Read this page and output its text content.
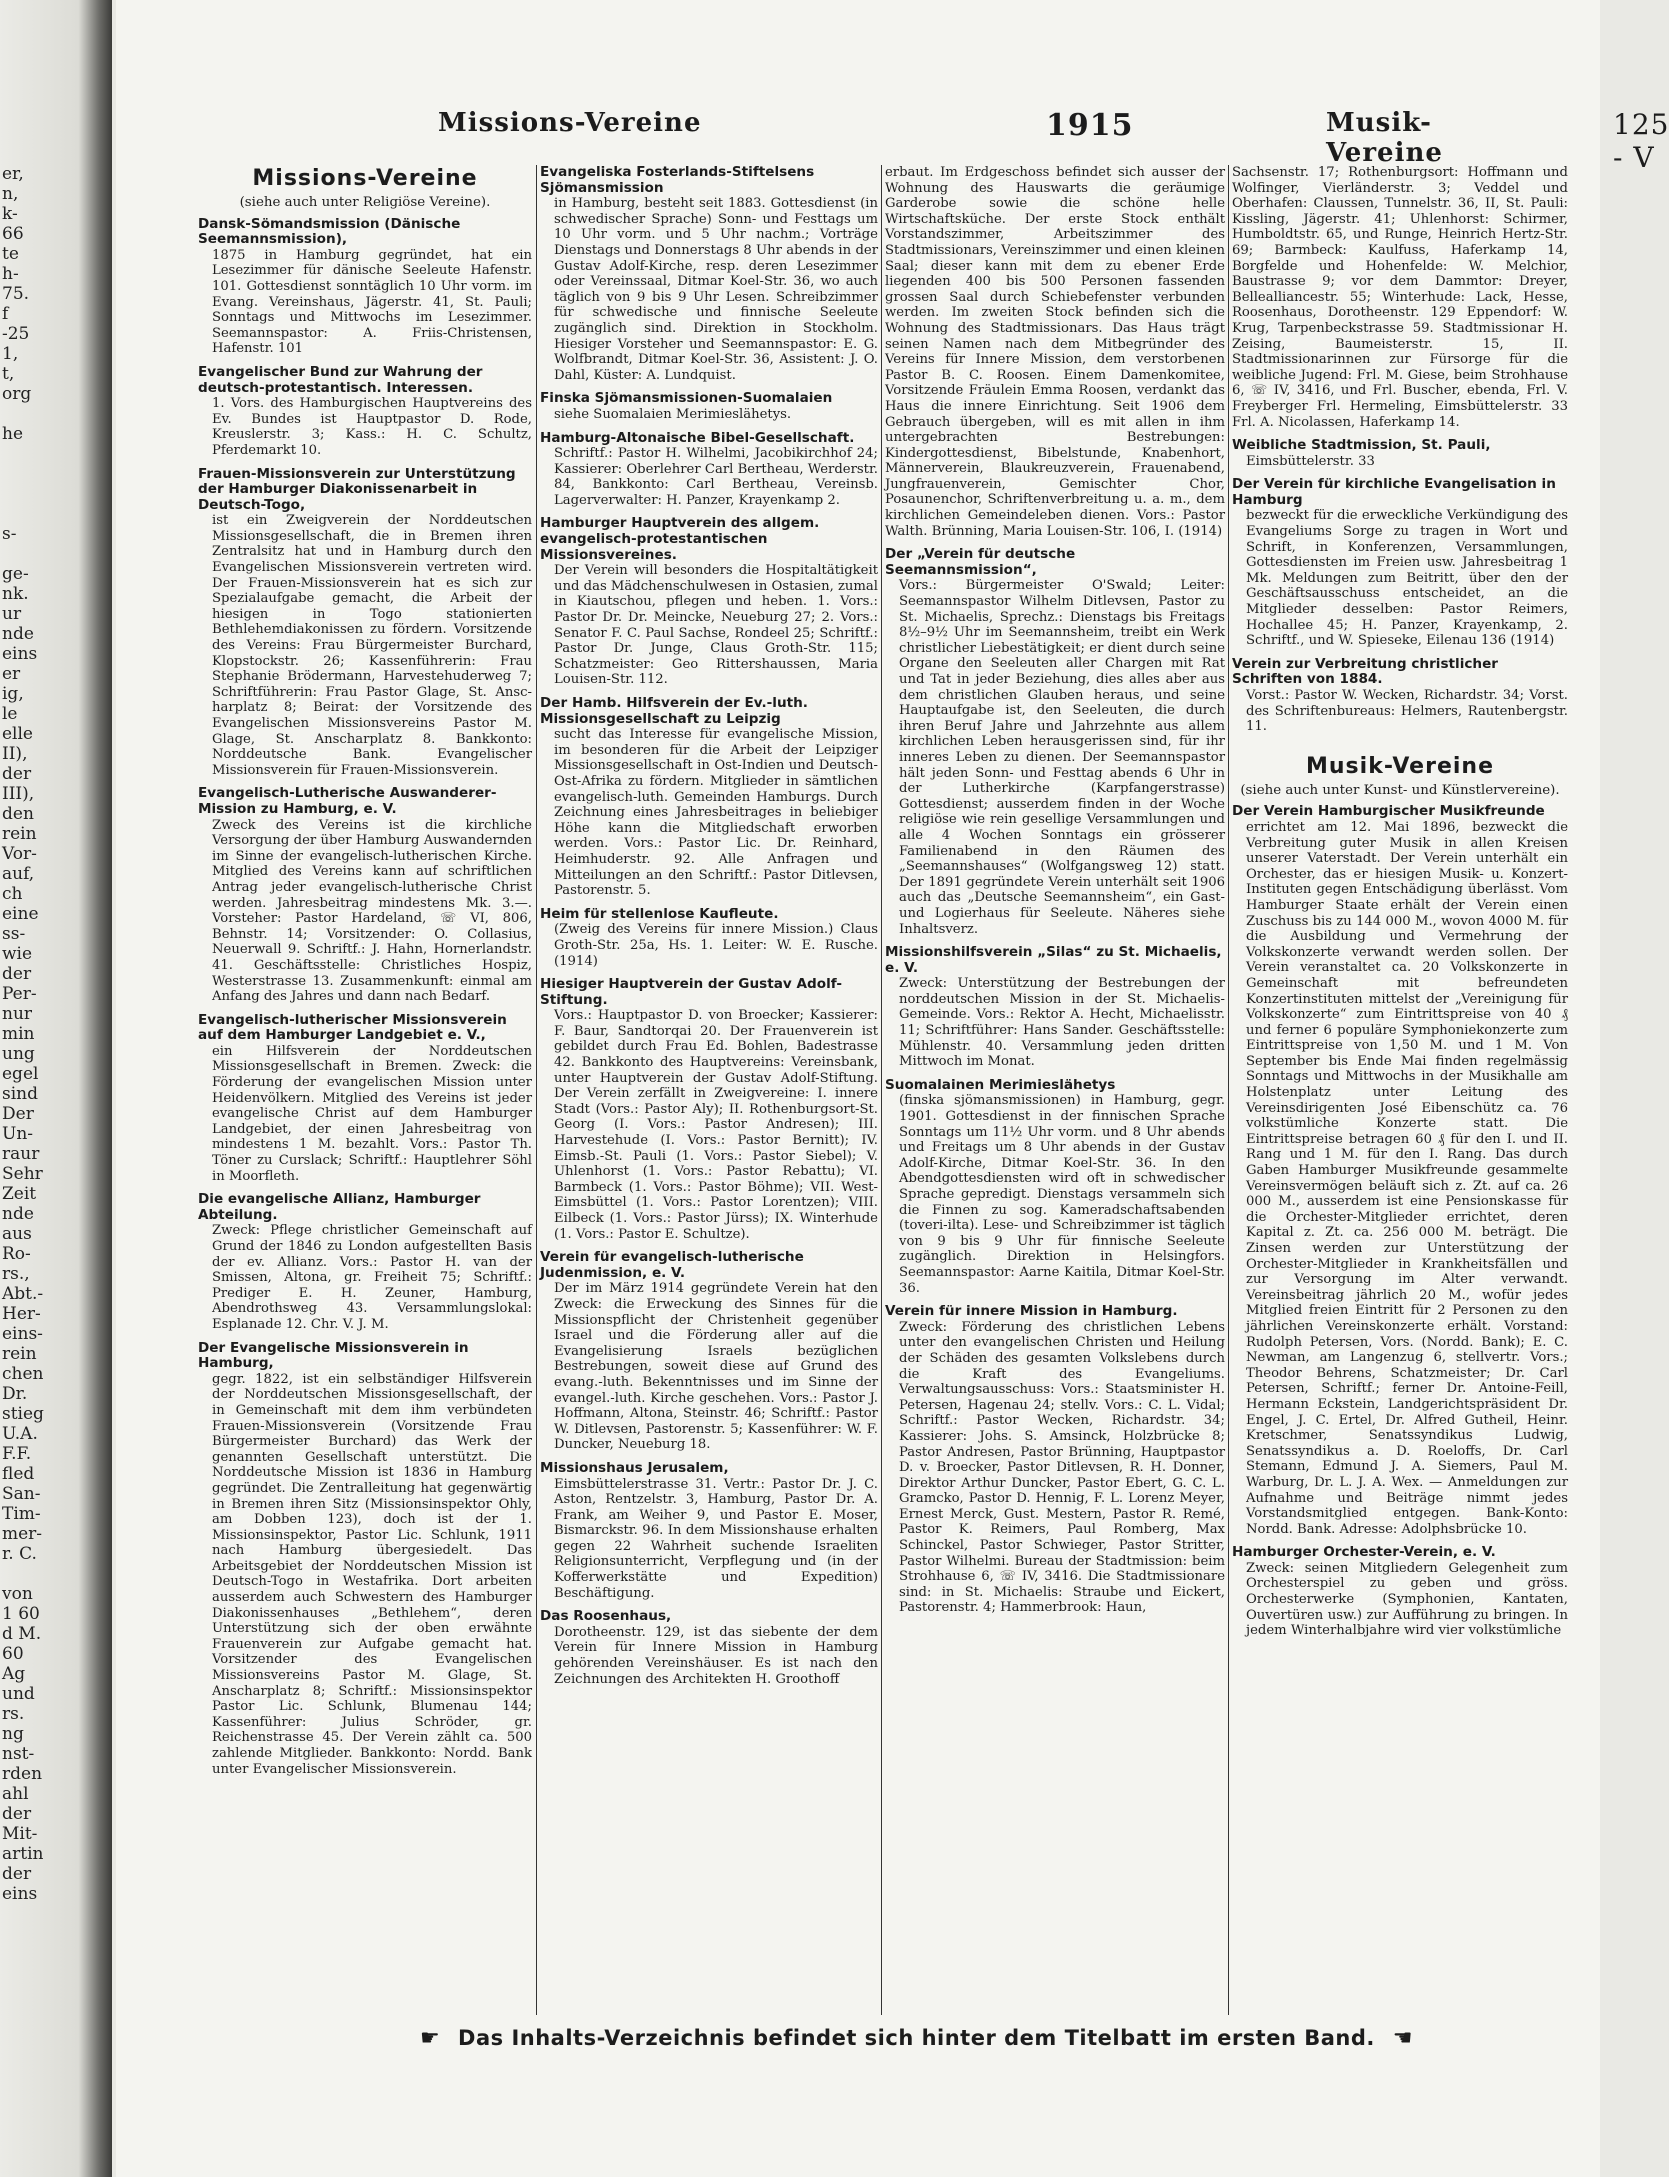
er,
n,
k-
66
te
h-
75.
f
-25
1,
t,
org
he
s-
ge-
nk.
ur
nde
eins
er
ig,
le
elle
II),
der
III),
den
rein
Vor-
auf,
ch
eine
ss-
wie
der
Per-
nur
min
ung
egel
sind
Der
Un-
raur
Sehr
Zeit
nde
aus
Ro-
rs.,
Abt.-
Her-
eins-
rein
chen
Dr.
stieg
U.A.
F.F.
fled
San-
Tim-
mer-
r. C.
von
1 60
d M.
60
Ag
und
rs.
ng
nst-
rden
ahl
der
Mit-
artin
der
eins
Missions-Vereine	1915	Musik-Vereine
125 - V
Missions-Vereine
(siehe auch unter Religiöse Vereine).
Dansk-Sömandsmission (Dänische Seemannsmission),
1875 in Hamburg gegründet, hat ein Lesezimmer für dänische Seeleute Hafenstr. 101. Gottesdienst sonntäglich 10 Uhr vorm. im Evang. Vereinshaus, Jägerstr. 41, St. Pauli; Sonntags und Mittwochs im Lesezimmer. Seemannspastor: A. Friis-Christensen, Hafenstr. 101
Evangelischer Bund zur Wahrung der deutsch-protestantisch. Interessen.
1. Vors. des Hamburgischen Hauptvereins des Ev. Bundes ist Hauptpastor D. Rode, Kreuslerstr. 3; Kass.: H. C. Schultz, Pferdemarkt 10.
Frauen-Missionsverein zur Unterstützung der Hamburger Diakonissenarbeit in Deutsch-Togo,
ist ein Zweigverein der Norddeutschen Missionsgesellschaft, die in Bremen ihren Zentralsitz hat und in Hamburg durch den Evangelischen Missionsverein vertreten wird. Der Frauen-Missionsverein hat es sich zur Spezialaufgabe gemacht, die Arbeit der hiesigen in Togo stationierten Bethlehemdiakonissen zu fördern. Vorsitzende des Vereins: Frau Bürgermeister Burchard, Klopstockstr. 26; Kassenführerin: Frau Stephanie Brödermann, Harvestehuderweg 7; Schriftführerin: Frau Pastor Glage, St. Anscharplatz 8; Beirat: der Vorsitzende des Evangelischen Missionsvereins Pastor M. Glage, St. Anscharplatz 8. Bankkonto: Norddeutsche Bank. Evangelischer Missionsverein für Frauen-Missionsverein.
Evangelisch-Lutherische Auswanderer-Mission zu Hamburg, e. V.
Zweck des Vereins ist die kirchliche Versorgung der über Hamburg Auswandernden im Sinne der evangelisch-lutherischen Kirche. Mitglied des Vereins kann auf schriftlichen Antrag jeder evangelisch-lutherische Christ werden. Jahresbeitrag mindestens Mk. 3.—. Vorsteher: Pastor Hardeland, ☏ VI, 806, Behnstr. 14; Vorsitzender: O. Collasius, Neuerwall 9. Schriftf.: J. Hahn, Hornerlandstr. 41. Geschäftsstelle: Christliches Hospiz, Westerstrasse 13. Zusammenkunft: einmal am Anfang des Jahres und dann nach Bedarf.
Evangelisch-lutherischer Missionsverein auf dem Hamburger Landgebiet e. V.,
ein Hilfsverein der Norddeutschen Missionsgesellschaft in Bremen. Zweck: die Förderung der evangelischen Mission unter Heidenvölkern. Mitglied des Vereins ist jeder evangelische Christ auf dem Hamburger Landgebiet, der einen Jahresbeitrag von mindestens 1 M. bezahlt. Vors.: Pastor Th. Töner zu Curslack; Schriftf.: Hauptlehrer Söhl in Moorfleth.
Die evangelische Allianz, Hamburger Abteilung.
Zweck: Pflege christlicher Gemeinschaft auf Grund der 1846 zu London aufgestellten Basis der ev. Allianz. Vors.: Pastor H. van der Smissen, Altona, gr. Freiheit 75; Schriftf.: Prediger E. H. Zeuner, Hamburg, Abendrothsweg 43. Versammlungslokal: Esplanade 12. Chr. V. J. M.
Der Evangelische Missionsverein in Hamburg,
gegr. 1822, ist ein selbständiger Hilfsverein der Norddeutschen Missionsgesellschaft, der in Gemeinschaft mit dem ihm verbündeten Frauen-Missionsverein (Vorsitzende Frau Bürgermeister Burchard) das Werk der genannten Gesellschaft unterstützt. Die Norddeutsche Mission ist 1836 in Hamburg gegründet. Die Zentralleitung hat gegenwärtig in Bremen ihren Sitz (Missionsinspektor Ohly, am Dobben 123), doch ist der 1. Missionsinspektor, Pastor Lic. Schlunk, 1911 nach Hamburg übergesiedelt. Das Arbeitsgebiet der Norddeutschen Mission ist Deutsch-Togo in Westafrika. Dort arbeiten ausserdem auch Schwestern des Hamburger Diakonissenhauses „Bethlehem“, deren Unterstützung sich der oben erwähnte Frauenverein zur Aufgabe gemacht hat. Vorsitzender des Evangelischen Missionsvereins Pastor M. Glage, St. Anscharplatz 8; Schriftf.: Missionsinspektor Pastor Lic. Schlunk, Blumenau 144; Kassenführer: Julius Schröder, gr. Reichenstrasse 45. Der Verein zählt ca. 500 zahlende Mitglieder. Bankkonto: Nordd. Bank unter Evangelischer Missionsverein.
Evangeliska Fosterlands-Stiftelsens Sjömansmission
in Hamburg, besteht seit 1883. Gottesdienst (in schwedischer Sprache) Sonn- und Festtags um 10 Uhr vorm. und 5 Uhr nachm.; Vorträge Dienstags und Donnerstags 8 Uhr abends in der Gustav Adolf-Kirche, resp. deren Lesezimmer oder Vereinssaal, Ditmar Koel-Str. 36, wo auch täglich von 9 bis 9 Uhr Lesen. Schreibzimmer für schwedische und finnische Seeleute zugänglich sind. Direktion in Stockholm. Hiesiger Vorsteher und Seemannspastor: E. G. Wolfbrandt, Ditmar Koel-Str. 36, Assistent: J. O. Dahl, Küster: A. Lundquist.
Finska Sjömansmissionen-Suomalaien
siehe Suomalaien Merimieslähetys.
Hamburg-Altonaische Bibel-Gesellschaft.
Schriftf.: Pastor H. Wilhelmi, Jacobikirchhof 24; Kassierer: Oberlehrer Carl Bertheau, Werderstr. 84, Bankkonto: Carl Bertheau, Vereinsb. Lagerverwalter: H. Panzer, Krayenkamp 2.
Hamburger Hauptverein des allgem. evangelisch-protestantischen Missionsvereines.
Der Verein will besonders die Hospitaltätigkeit und das Mädchenschulwesen in Ostasien, zumal in Kiautschou, pflegen und heben. 1. Vors.: Pastor Dr. Dr. Meincke, Neueburg 27; 2. Vors.: Senator F. C. Paul Sachse, Rondeel 25; Schriftf.: Pastor Dr. Junge, Claus Groth-Str. 115; Schatzmeister: Geo Rittershaussen, Maria Louisen-Str. 112.
Der Hamb. Hilfsverein der Ev.-luth. Missionsgesellschaft zu Leipzig
sucht das Interesse für evangelische Mission, im besonderen für die Arbeit der Leipziger Missionsgesellschaft in Ost-Indien und Deutsch-Ost-Afrika zu fördern. Mitglieder in sämtlichen evangelisch-luth. Gemeinden Hamburgs. Durch Zeichnung eines Jahresbeitrages in beliebiger Höhe kann die Mitgliedschaft erworben werden. Vors.: Pastor Lic. Dr. Reinhard, Heimhuderstr. 92. Alle Anfragen und Mitteilungen an den Schriftf.: Pastor Ditlevsen, Pastorenstr. 5.
Heim für stellenlose Kaufleute.
(Zweig des Vereins für innere Mission.) Claus Groth-Str. 25a, Hs. 1. Leiter: W. E. Rusche. (1914)
Hiesiger Hauptverein der Gustav Adolf-Stiftung.
Vors.: Hauptpastor D. von Broecker; Kassierer: F. Baur, Sandtorqai 20. Der Frauenverein ist gebildet durch Frau Ed. Bohlen, Badestrasse 42. Bankkonto des Hauptvereins: Vereinsbank, unter Hauptverein der Gustav Adolf-Stiftung. Der Verein zerfällt in Zweigvereine: I. innere Stadt (Vors.: Pastor Aly); II. Rothenburgsort-St. Georg (I. Vors.: Pastor Andresen); III. Harvestehude (I. Vors.: Pastor Bernitt); IV. Eimsb.-St. Pauli (1. Vors.: Pastor Siebel); V. Uhlenhorst (1. Vors.: Pastor Rebattu); VI. Barmbeck (1. Vors.: Pastor Böhme); VII. West-Eimsbüttel (1. Vors.: Pastor Lorentzen); VIII. Eilbeck (1. Vors.: Pastor Jürss); IX. Winterhude (1. Vors.: Pastor E. Schultze).
Verein für evangelisch-lutherische Judenmission, e. V.
Der im März 1914 gegründete Verein hat den Zweck: die Erweckung des Sinnes für die Missionspflicht der Christenheit gegenüber Israel und die Förderung aller auf die Evangelisierung Israels bezüglichen Bestrebungen, soweit diese auf Grund des evang.-luth. Bekenntnisses und im Sinne der evangel.-luth. Kirche geschehen. Vors.: Pastor J. Hoffmann, Altona, Steinstr. 46; Schriftf.: Pastor W. Ditlevsen, Pastorenstr. 5; Kassenführer: W. F. Duncker, Neueburg 18.
Missionshaus Jerusalem,
Eimsbüttelerstrasse 31. Vertr.: Pastor Dr. J. C. Aston, Rentzelstr. 3, Hamburg, Pastor Dr. A. Frank, am Weiher 9, und Pastor E. Moser, Bismarckstr. 96. In dem Missionshause erhalten gegen 22 Wahrheit suchende Israeliten Religionsunterricht, Verpflegung und (in der Kofferwerkstätte und Expedition) Beschäftigung.
Das Roosenhaus,
Dorotheenstr. 129, ist das siebente der dem Verein für Innere Mission in Hamburg gehörenden Vereinshäuser. Es ist nach den Zeichnungen des Architekten H. Groothoff
erbaut. Im Erdgeschoss befindet sich ausser der Wohnung des Hauswarts die geräumige Garderobe sowie die schöne helle Wirtschaftsküche. Der erste Stock enthält Vorstandszimmer, Arbeitszimmer des Stadtmissionars, Vereinszimmer und einen kleinen Saal; dieser kann mit dem zu ebener Erde liegenden 400 bis 500 Personen fassenden grossen Saal durch Schiebefenster verbunden werden. Im zweiten Stock befinden sich die Wohnung des Stadtmissionars. Das Haus trägt seinen Namen nach dem Mitbegründer des Vereins für Innere Mission, dem verstorbenen Pastor B. C. Roosen. Einem Damenkomitee, Vorsitzende Fräulein Emma Roosen, verdankt das Haus die innere Einrichtung. Seit 1906 dem Gebrauch übergeben, will es mit allen in ihm untergebrachten Bestrebungen: Kindergottesdienst, Bibelstunde, Knabenhort, Männerverein, Blaukreuzverein, Frauenabend, Jungfrauenverein, Gemischter Chor, Posaunenchor, Schriftenverbreitung u. a. m., dem kirchlichen Gemeindeleben dienen. Vors.: Pastor Walth. Brünning, Maria Louisen-Str. 106, I. (1914)
Der „Verein für deutsche Seemannsmission“,
Vors.: Bürgermeister O'Swald; Leiter: Seemannspastor Wilhelm Ditlevsen, Pastor zu St. Michaelis, Sprechz.: Dienstags bis Freitags 8½–9½ Uhr im Seemannsheim, treibt ein Werk christlicher Liebestätigkeit; er dient durch seine Organe den Seeleuten aller Chargen mit Rat und Tat in jeder Beziehung, dies alles aber aus dem christlichen Glauben heraus, und seine Hauptaufgabe ist, den Seeleuten, die durch ihren Beruf Jahre und Jahrzehnte aus allem kirchlichen Leben herausgerissen sind, für ihr inneres Leben zu dienen. Der Seemannspastor hält jeden Sonn- und Festtag abends 6 Uhr in der Lutherkirche (Karpfangerstrasse) Gottesdienst; ausserdem finden in der Woche religiöse wie rein gesellige Versammlungen und alle 4 Wochen Sonntags ein grösserer Familienabend in den Räumen des „Seemannshauses“ (Wolfgangsweg 12) statt. Der 1891 gegründete Verein unterhält seit 1906 auch das „Deutsche Seemannsheim“, ein Gast- und Logierhaus für Seeleute. Näheres siehe Inhaltsverz.
Missionshilfsverein „Silas“ zu St. Michaelis, e. V.
Zweck: Unterstützung der Bestrebungen der norddeutschen Mission in der St. Michaelis-Gemeinde. Vors.: Rektor A. Hecht, Michaelisstr. 11; Schriftführer: Hans Sander. Geschäftsstelle: Mühlenstr. 40. Versammlung jeden dritten Mittwoch im Monat.
Suomalainen Merimieslähetys
(finska sjömansmissionen) in Hamburg, gegr. 1901. Gottesdienst in der finnischen Sprache Sonntags um 11½ Uhr vorm. und 8 Uhr abends und Freitags um 8 Uhr abends in der Gustav Adolf-Kirche, Ditmar Koel-Str. 36. In den Abendgottesdiensten wird oft in schwedischer Sprache gepredigt. Dienstags versammeln sich die Finnen zu sog. Kameradschaftsabenden (toveri-ilta). Lese- und Schreibzimmer ist täglich von 9 bis 9 Uhr für finnische Seeleute zugänglich. Direktion in Helsingfors. Seemannspastor: Aarne Kaitila, Ditmar Koel-Str. 36.
Verein für innere Mission in Hamburg.
Zweck: Förderung des christlichen Lebens unter den evangelischen Christen und Heilung der Schäden des gesamten Volkslebens durch die Kraft des Evangeliums. Verwaltungsausschuss: Vors.: Staatsminister H. Petersen, Hagenau 24; stellv. Vors.: C. L. Vidal; Schriftf.: Pastor Wecken, Richardstr. 34; Kassierer: Johs. S. Amsinck, Holzbrücke 8; Pastor Andresen, Pastor Brünning, Hauptpastor D. v. Broecker, Pastor Ditlevsen, R. H. Donner, Direktor Arthur Duncker, Pastor Ebert, G. C. L. Gramcko, Pastor D. Hennig, F. L. Lorenz Meyer, Ernest Merck, Gust. Mestern, Pastor R. Remé, Pastor K. Reimers, Paul Romberg, Max Schinckel, Pastor Schwieger, Pastor Stritter, Pastor Wilhelmi. Bureau der Stadtmission: beim Strohhause 6, ☏ IV, 3416. Die Stadtmissionare sind: in St. Michaelis: Straube und Eickert, Pastorenstr. 4; Hammerbrook: Haun,
Sachsenstr. 17; Rothenburgsort: Hoffmann und Wolfinger, Vierländerstr. 3; Veddel und Oberhafen: Claussen, Tunnelstr. 36, II, St. Pauli: Kissling, Jägerstr. 41; Uhlenhorst: Schirmer, Humboldtstr. 65, und Runge, Heinrich Hertz-Str. 69; Barmbeck: Kaulfuss, Haferkamp 14, Borgfelde und Hohenfelde: W. Melchior, Baustrasse 9; vor dem Dammtor: Dreyer, Bellealliancestr. 55; Winterhude: Lack, Hesse, Roosenhaus, Dorotheenstr. 129 Eppendorf: W. Krug, Tarpenbeckstrasse 59. Stadtmissionar H. Zeising, Baumeisterstr. 15, II. Stadtmissionarinnen zur Fürsorge für die weibliche Jugend: Frl. M. Giese, beim Strohhause 6, ☏ IV, 3416, und Frl. Buscher, ebenda, Frl. V. Freyberger Frl. Hermeling, Eimsbüttelerstr. 33 Frl. A. Nicolassen, Haferkamp 14.
Weibliche Stadtmission, St. Pauli,
Eimsbüttelerstr. 33
Der Verein für kirchliche Evangelisation in Hamburg
bezweckt für die erweckliche Verkündigung des Evangeliums Sorge zu tragen in Wort und Schrift, in Konferenzen, Versammlungen, Gottesdiensten im Freien usw. Jahresbeitrag 1 Mk. Meldungen zum Beitritt, über den der Geschäftsausschuss entscheidet, an die Mitglieder desselben: Pastor Reimers, Hochallee 45; H. Panzer, Krayenkamp, 2. Schriftf., und W. Spieseke, Eilenau 136 (1914)
Verein zur Verbreitung christlicher Schriften von 1884.
Vorst.: Pastor W. Wecken, Richardstr. 34; Vorst. des Schriftenbureaus: Helmers, Rautenbergstr. 11.
Musik-Vereine
(siehe auch unter Kunst- und Künstlervereine).
Der Verein Hamburgischer Musikfreunde
errichtet am 12. Mai 1896, bezweckt die Verbreitung guter Musik in allen Kreisen unserer Vaterstadt. Der Verein unterhält ein Orchester, das er hiesigen Musik- u. Konzert-Instituten gegen Entschädigung überlässt. Vom Hamburger Staate erhält der Verein einen Zuschuss bis zu 144 000 M., wovon 4000 M. für die Ausbildung und Vermehrung der Volkskonzerte verwandt werden sollen. Der Verein veranstaltet ca. 20 Volkskonzerte in Gemeinschaft mit befreundeten Konzertinstituten mittelst der „Vereinigung für Volkskonzerte“ zum Eintrittspreise von 40 ₰ und ferner 6 populäre Symphoniekonzerte zum Eintrittspreise von 1,50 M. und 1 M. Von September bis Ende Mai finden regelmässig Sonntags und Mittwochs in der Musikhalle am Holstenplatz unter Leitung des Vereinsdirigenten José Eibenschütz ca. 76 volkstümliche Konzerte statt. Die Eintrittspreise betragen 60 ₰ für den I. und II. Rang und 1 M. für den I. Rang. Das durch Gaben Hamburger Musikfreunde gesammelte Vereinsvermögen beläuft sich z. Zt. auf ca. 26 000 M., ausserdem ist eine Pensionskasse für die Orchester-Mitglieder errichtet, deren Kapital z. Zt. ca. 256 000 M. beträgt. Die Zinsen werden zur Unterstützung der Orchester-Mitglieder in Krankheitsfällen und zur Versorgung im Alter verwandt. Vereinsbeitrag jährlich 20 M., wofür jedes Mitglied freien Eintritt für 2 Personen zu den jährlichen Vereinskonzerte erhält. Vorstand: Rudolph Petersen, Vors. (Nordd. Bank); E. C. Newman, am Langenzug 6, stellvertr. Vors.; Theodor Behrens, Schatzmeister; Dr. Carl Petersen, Schriftf.; ferner Dr. Antoine-Feill, Hermann Eckstein, Landgerichtspräsident Dr. Engel, J. C. Ertel, Dr. Alfred Gutheil, Heinr. Kretschmer, Senatssyndikus Ludwig, Senatssyndikus a. D. Roeloffs, Dr. Carl Stemann, Edmund J. A. Siemers, Paul M. Warburg, Dr. L. J. A. Wex. — Anmeldungen zur Aufnahme und Beiträge nimmt jedes Vorstandsmitglied entgegen. Bank-Konto: Nordd. Bank. Adresse: Adolphsbrücke 10.
Hamburger Orchester-Verein, e. V.
Zweck: seinen Mitgliedern Gelegenheit zum Orchesterspiel zu geben und gröss. Orchesterwerke (Symphonien, Kantaten, Ouvertüren usw.) zur Aufführung zu bringen. In jedem Winterhalbjahre wird vier volkstümliche
☛ Das Inhalts-Verzeichnis befindet sich hinter dem Titelbatt im ersten Band. ☚
